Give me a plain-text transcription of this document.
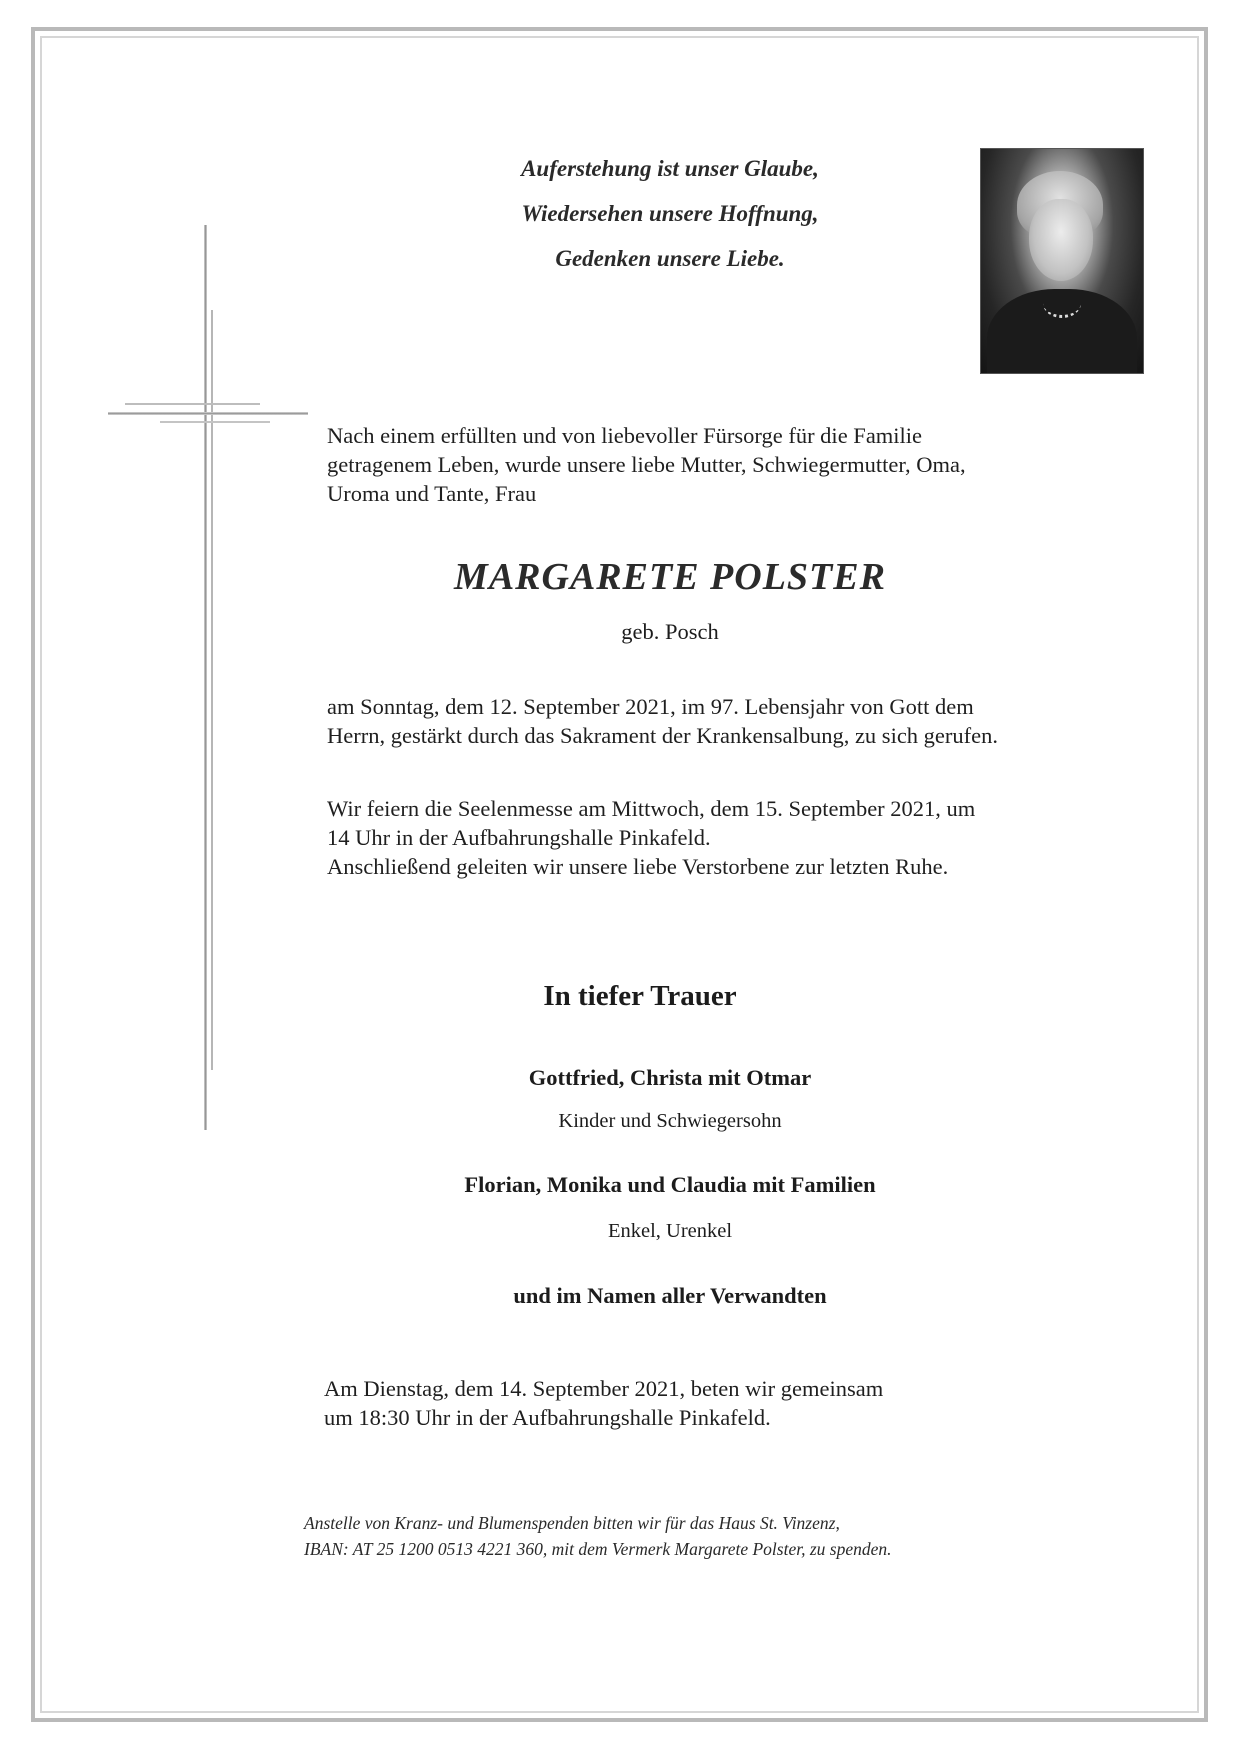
Auferstehung ist unser Glaube,
Wiedersehen unsere Hoffnung,
Gedenken unsere Liebe.
Nach einem erfüllten und von liebevoller Fürsorge für die Familie
getragenem Leben, wurde unsere liebe Mutter, Schwiegermutter, Oma,
Uroma und Tante, Frau
MARGARETE POLSTER
geb. Posch
am Sonntag, dem 12. September 2021, im 97. Lebensjahr von Gott dem
Herrn, gestärkt durch das Sakrament der Krankensalbung, zu sich gerufen.
Wir feiern die Seelenmesse am Mittwoch, dem 15. September 2021, um
14 Uhr in der Aufbahrungshalle Pinkafeld.
Anschließend geleiten wir unsere liebe Verstorbene zur letzten Ruhe.
In tiefer Trauer
Gottfried, Christa mit Otmar
Kinder und Schwiegersohn
Florian, Monika und Claudia mit Familien
Enkel, Urenkel
und im Namen aller Verwandten
Am Dienstag, dem 14. September 2021, beten wir gemeinsam
um 18:30 Uhr in der Aufbahrungshalle Pinkafeld.
Anstelle von Kranz- und Blumenspenden bitten wir für das Haus St. Vinzenz,
IBAN: AT 25 1200 0513 4221 360, mit dem Vermerk Margarete Polster, zu spenden.
